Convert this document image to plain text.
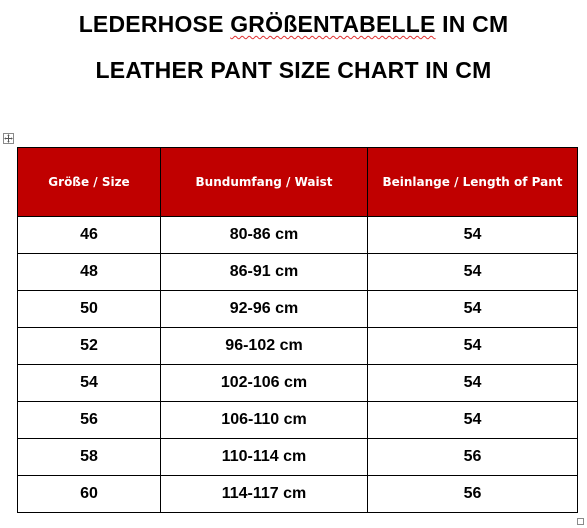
LEDERHOSE GRÖßENTABELLE IN CM
LEATHER PANT SIZE CHART IN CM
Größe / Size	Bundumfang / Waist	Beinlange / Length of Pant
46	80-86 cm	54
48	86-91 cm	54
50	92-96 cm	54
52	96-102 cm	54
54	102-106 cm	54
56	106-110 cm	54
58	110-114 cm	56
60	114-117 cm	56
